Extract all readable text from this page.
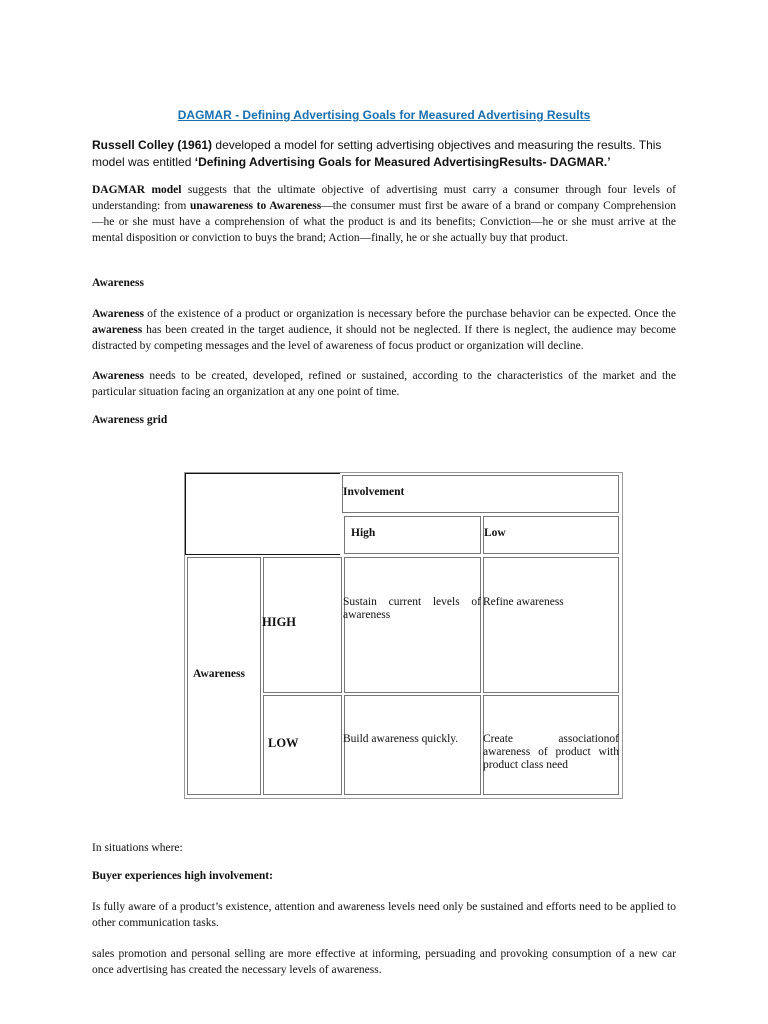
DAGMAR - Defining Advertising Goals for Measured Advertising Results
Russell Colley (1961) developed a model for setting advertising objectives and measuring the results. This model was entitled ‘Defining Advertising Goals for Measured AdvertisingResults- DAGMAR.’

DAGMAR model suggests that the ultimate objective of advertising must carry a consumer through four levels of understanding: from unawareness to Awareness—the consumer must first be aware of a brand or company Comprehension—he or she must have a comprehension of what the product is and its benefits; Conviction—he or she must arrive at the mental disposition or conviction to buys the brand; Action—finally, he or she actually buy that product.

Awareness

Awareness of the existence of a product or organization is necessary before the purchase behavior can be expected. Once the awareness has been created in the target audience, it should not be neglected. If there is neglect, the audience may become distracted by competing messages and the level of awareness of focus product or organization will decline.

Awareness needs to be created, developed, refined or sustained, according to the characteristics of the market and the particular situation facing an organization at any one point of time.

Awareness grid
Involvement
High	Low
Awareness
HIGH
LOW
Sustain current levels of awareness
Refine awareness
Build awareness quickly. Create associationof awareness of product with product class need

In situations where:

Buyer experiences high involvement:

Is fully aware of a product’s existence, attention and awareness levels need only be sustained and efforts need to be applied to other communication tasks.

sales promotion and personal selling are more effective at informing, persuading and provoking consumption of a new car once advertising has created the necessary levels of awareness.
